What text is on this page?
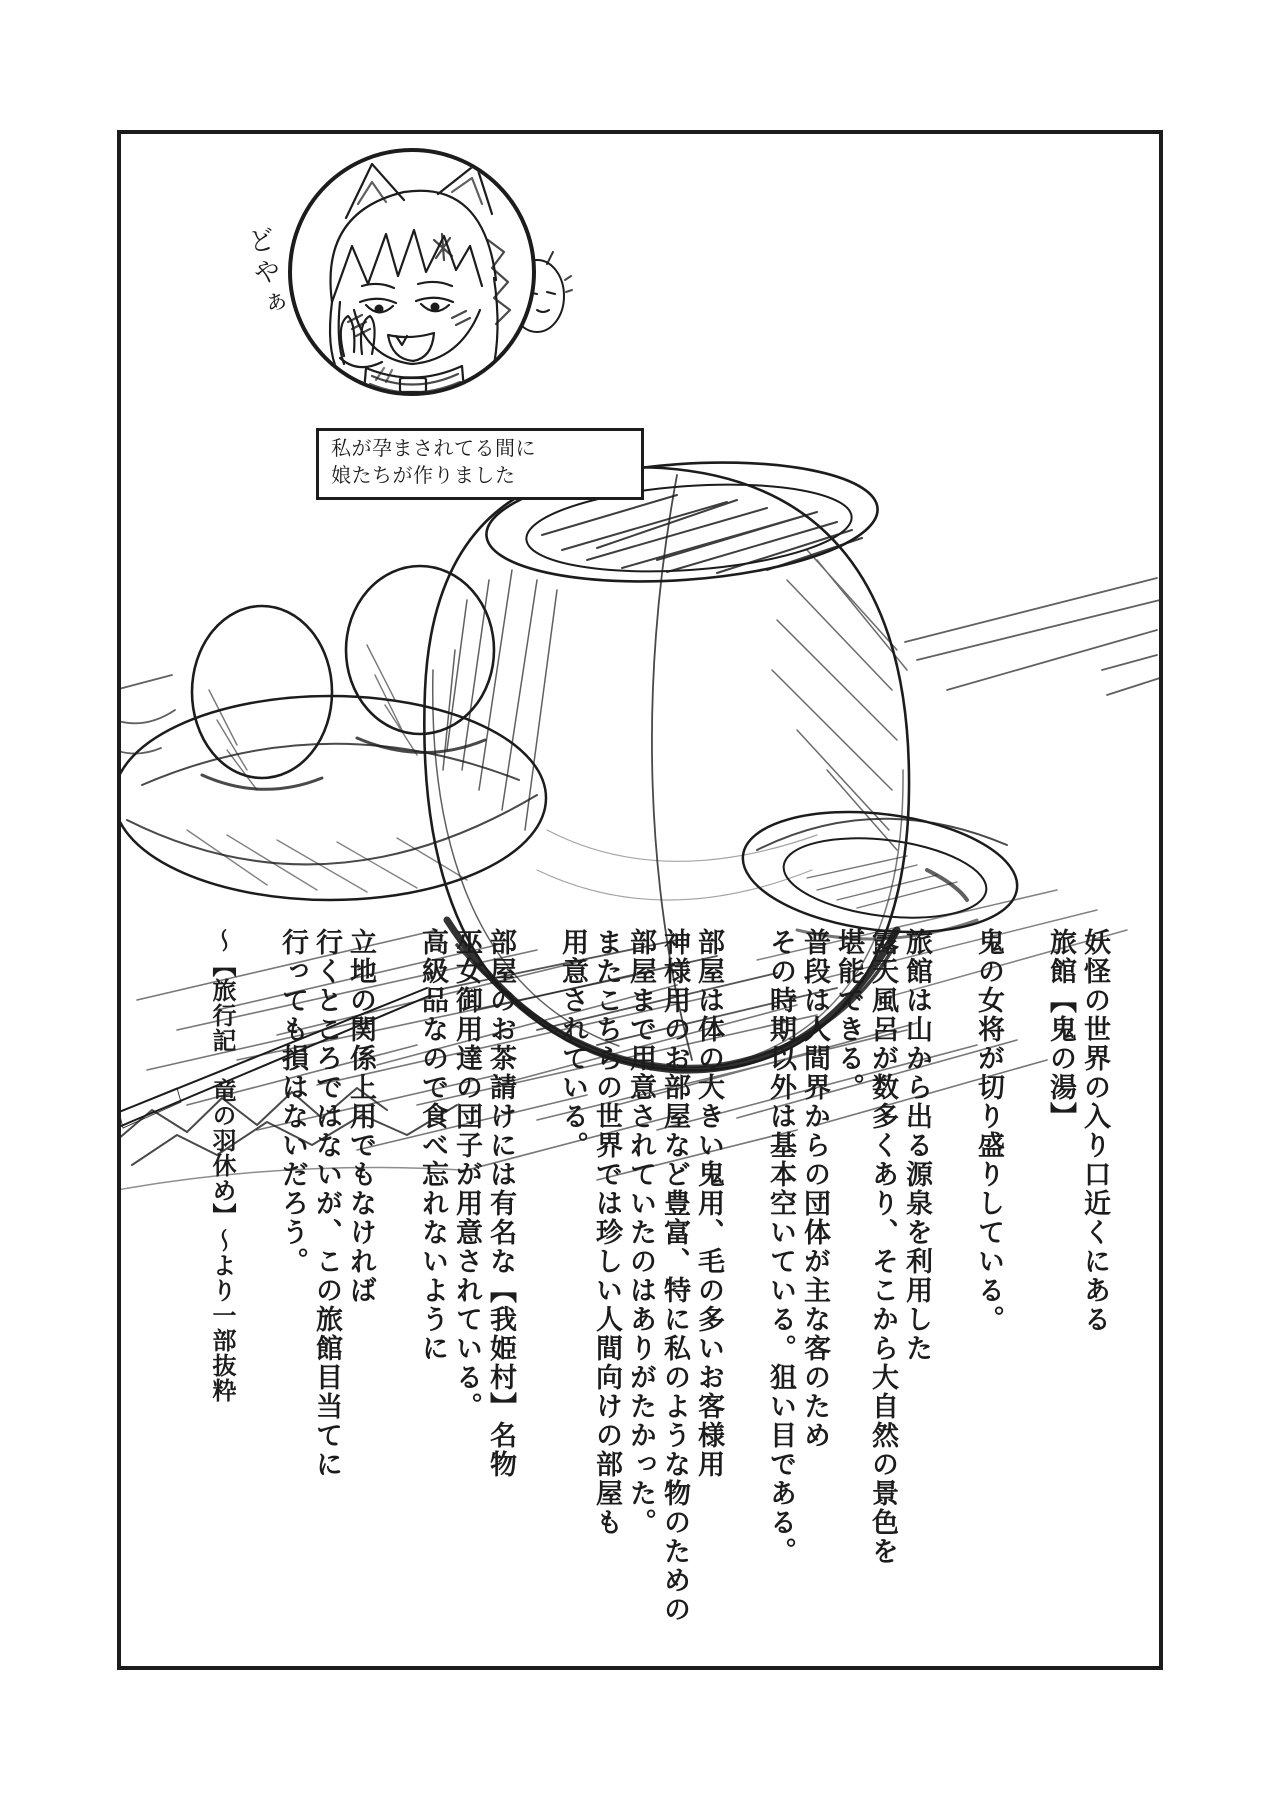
どやぁ
私が孕まされてる間に
娘たちが作りました

妖怪の世界の入り口近くにある

旅館【鬼の湯】

鬼の女将が切り盛りしている。

旅館は山から出る源泉を利用した

露天風呂が数多くあり、そこから大自然の景色を

堪能できる。

普段は人間界からの団体が主な客のため

その時期以外は基本空いている。狙い目である。

部屋は体の大きい鬼用、毛の多いお客様用

神様用のお部屋など豊富、特に私のような物のための

部屋まで用意されていたのはありがたかった。

またこちらの世界では珍しい人間向けの部屋も

用意されている。

部屋のお茶請けには有名な【我姫村】名物

巫女御用達の団子が用意されている。

高級品なので食べ忘れないように

立地の関係上用でもなければ

行くところではないが、この旅館目当てに

行っても損はないだろう。

〜【旅行記　竜の羽休め】〜より一部抜粋
